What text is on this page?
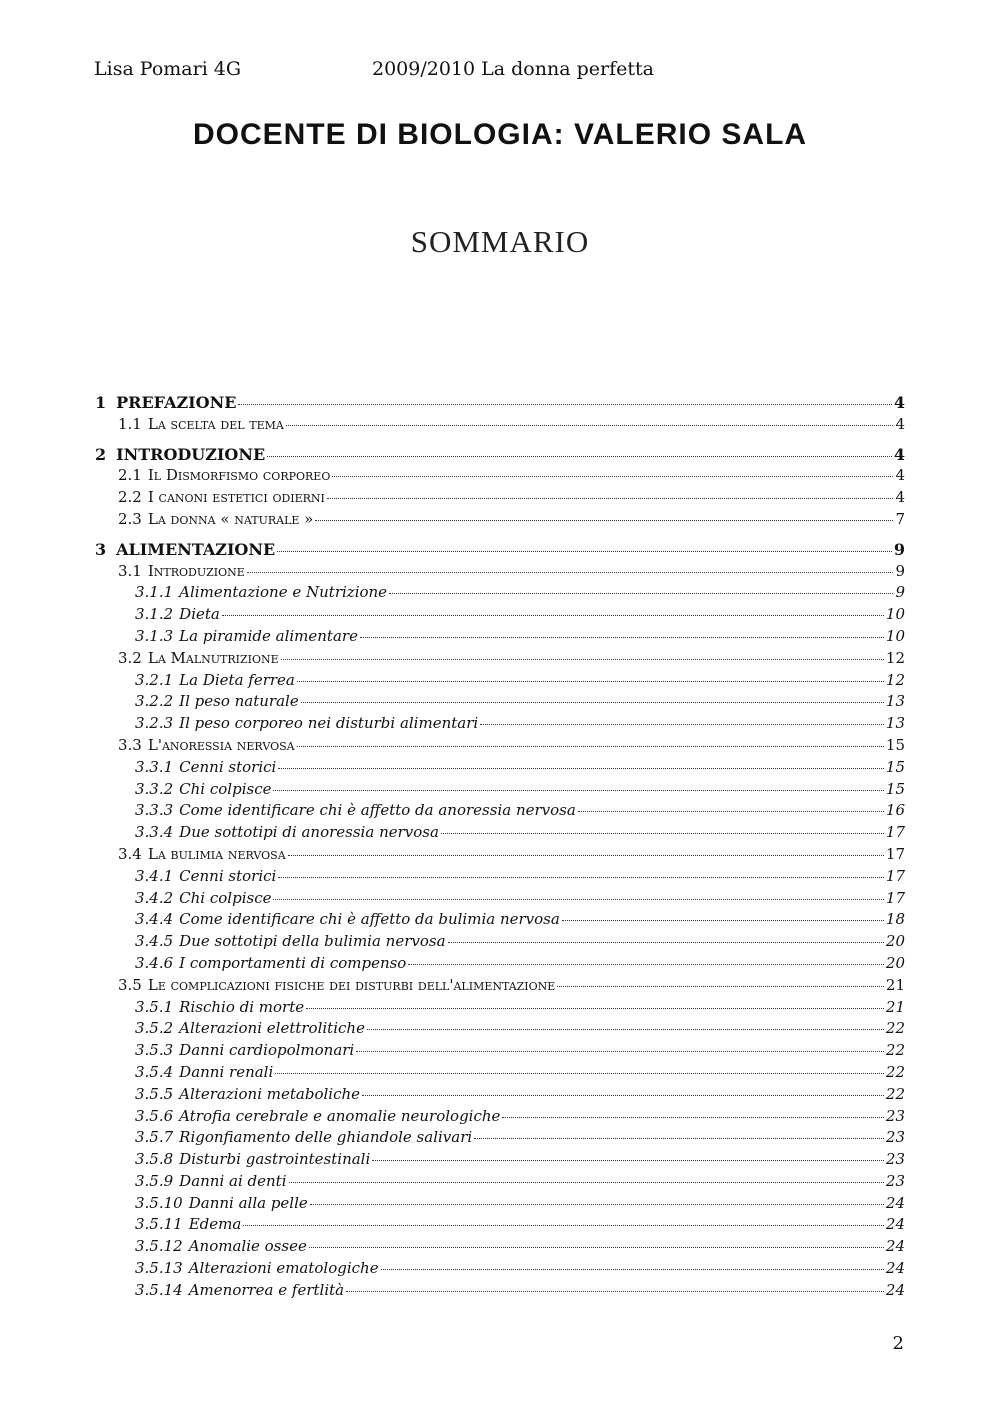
Lisa Pomari 4G	2009/2010 La donna perfetta
DOCENTE DI BIOLOGIA: VALERIO SALA
SOMMARIO
1 PREFAZIONE	4
1.1 La scelta del tema	4
2 INTRODUZIONE	4
2.1 Il Dismorfismo corporeo	4
2.2 I canoni estetici odierni	4
2.3 La donna « naturale »	7
3 ALIMENTAZIONE	9
3.1 Introduzione	9
3.1.1 Alimentazione e Nutrizione	9
3.1.2 Dieta	10
3.1.3 La piramide alimentare	10
3.2 La Malnutrizione	12
3.2.1 La Dieta ferrea	12
3.2.2 Il peso naturale	13
3.2.3 Il peso corporeo nei disturbi alimentari	13
3.3 L'anoressia nervosa	15
3.3.1 Cenni storici	15
3.3.2 Chi colpisce	15
3.3.3 Come identificare chi è affetto da anoressia nervosa	16
3.3.4 Due sottotipi di anoressia nervosa	17
3.4 La bulimia nervosa	17
3.4.1 Cenni storici	17
3.4.2 Chi colpisce	17
3.4.4 Come identificare chi è affetto da bulimia nervosa	18
3.4.5 Due sottotipi della bulimia nervosa	20
3.4.6 I comportamenti di compenso	20
3.5 Le complicazioni fisiche dei disturbi dell'alimentazione	21
3.5.1 Rischio di morte	21
3.5.2 Alterazioni elettrolitiche	22
3.5.3 Danni cardiopolmonari	22
3.5.4 Danni renali	22
3.5.5 Alterazioni metaboliche	22
3.5.6 Atrofia cerebrale e anomalie neurologiche	23
3.5.7 Rigonfiamento delle ghiandole salivari	23
3.5.8 Disturbi gastrointestinali	23
3.5.9 Danni ai denti	23
3.5.10 Danni alla pelle	24
3.5.11 Edema	24
3.5.12 Anomalie ossee	24
3.5.13 Alterazioni ematologiche	24
3.5.14 Amenorrea e fertlità	24
2
